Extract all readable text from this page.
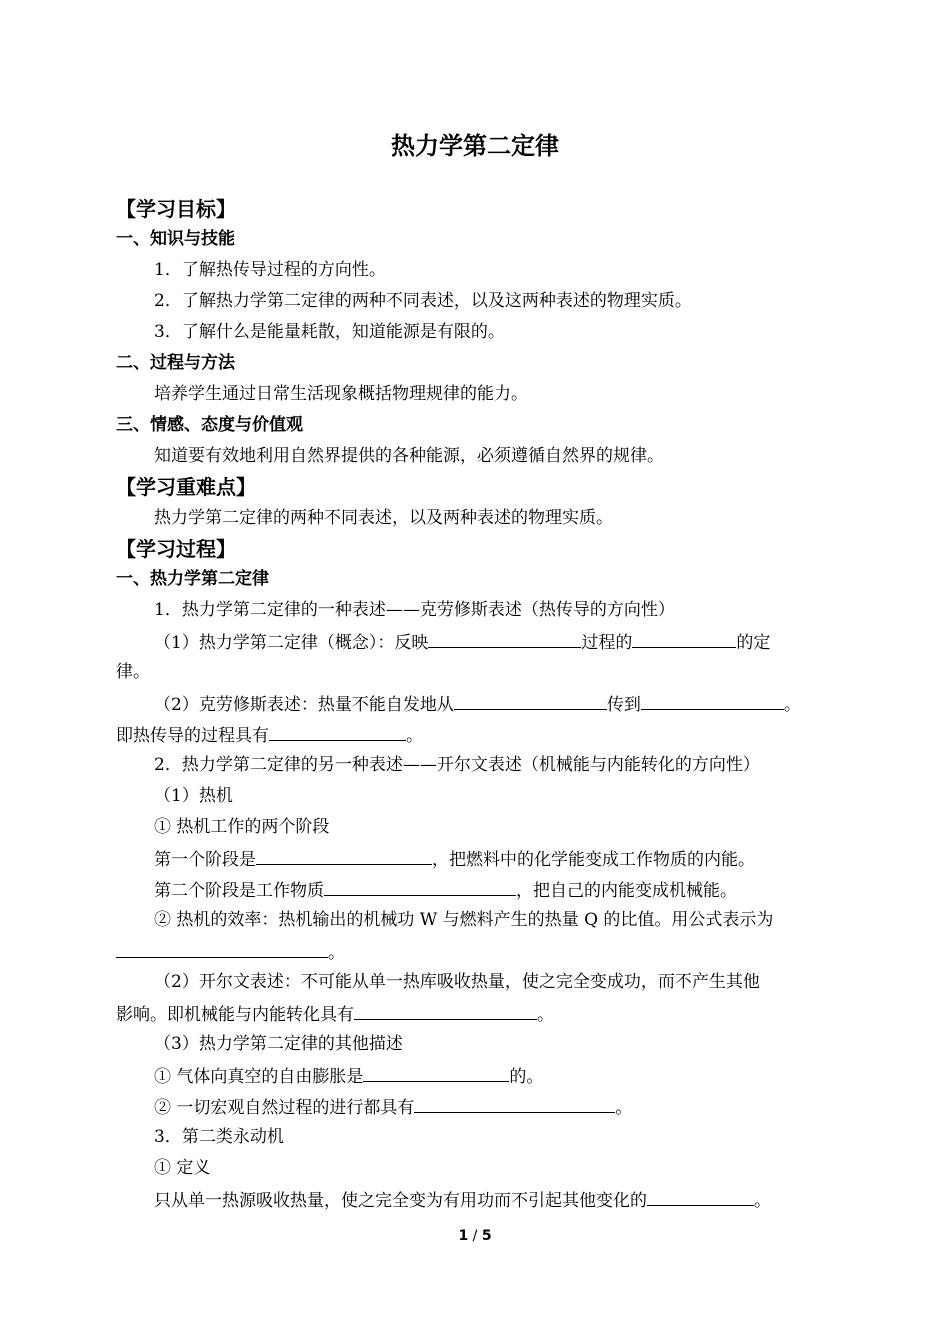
热力学第二定律
【学习目标】
一、知识与技能
1．了解热传导过程的方向性。
2．了解热力学第二定律的两种不同表述，以及这两种表述的物理实质。
3．了解什么是能量耗散，知道能源是有限的。
二、过程与方法
培养学生通过日常生活现象概括物理规律的能力。
三、情感、态度与价值观
知道要有效地利用自然界提供的各种能源，必须遵循自然界的规律。
【学习重难点】
热力学第二定律的两种不同表述，以及两种表述的物理实质。
【学习过程】
一、热力学第二定律
1．热力学第二定律的一种表述——克劳修斯表述（热传导的方向性）
（1）热力学第二定律（概念）：反映	过程的	的定
律。
（2）克劳修斯表述：热量不能自发地从	传到	。
即热传导的过程具有	。
2．热力学第二定律的另一种表述——开尔文表述（机械能与内能转化的方向性）
（1）热机
① 热机工作的两个阶段
第一个阶段是	，把燃料中的化学能变成工作物质的内能。
第二个阶段是工作物质	，把自己的内能变成机械能。
② 热机的效率：热机输出的机械功 W 与燃料产生的热量 Q 的比值。用公式表示为
。
（2）开尔文表述：不可能从单一热库吸收热量，使之完全变成功，而不产生其他
影响。即机械能与内能转化具有	。
（3）热力学第二定律的其他描述
① 气体向真空的自由膨胀是	的。
② 一切宏观自然过程的进行都具有	。
3．第二类永动机
① 定义
只从单一热源吸收热量，使之完全变为有用功而不引起其他变化的	。
1 / 5
